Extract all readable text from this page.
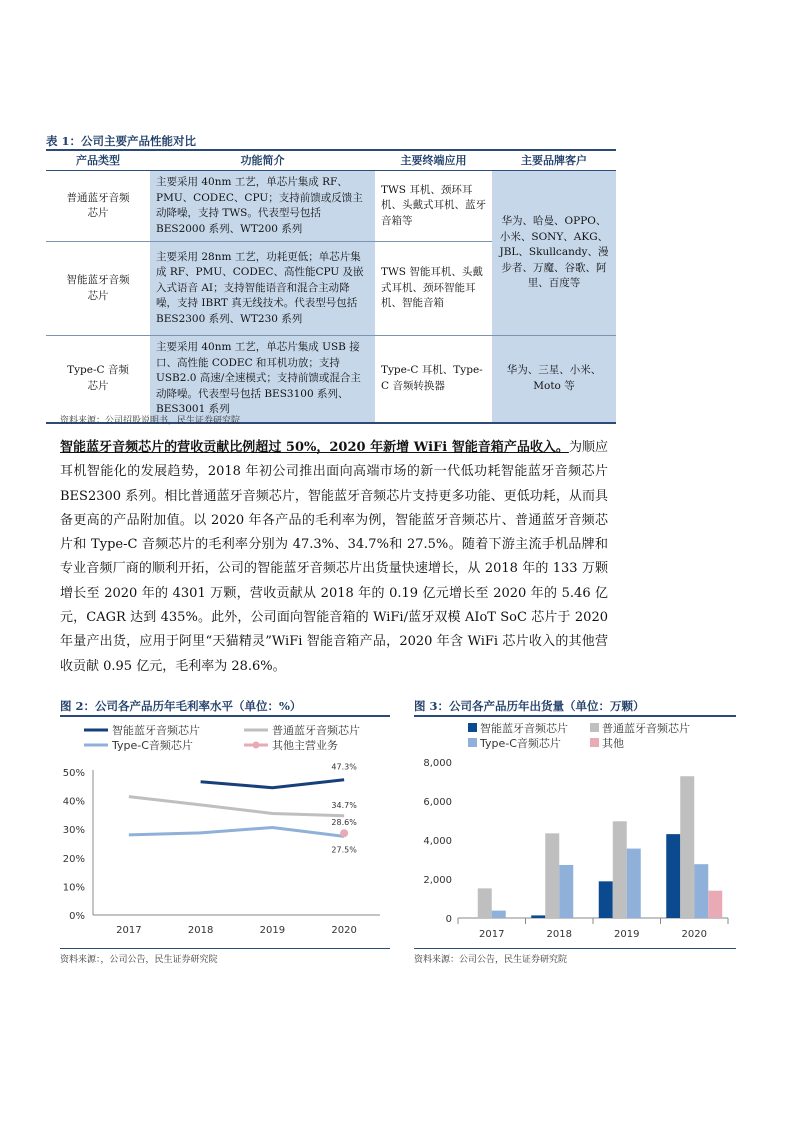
表 1：公司主要产品性能对比
产品类型	功能简介	主要终端应用	主要品牌客户
普通蓝牙音频芯片	主要采用 40nm 工艺，单芯片集成 RF、PMU、CODEC、CPU；支持前馈或反馈主动降噪，支持 TWS。代表型号包括 BES2000 系列、WT200 系列	TWS 耳机、颈环耳机、头戴式耳机、蓝牙音箱等	华为、哈曼、OPPO、小米、SONY、AKG、JBL、Skullcandy、漫步者、万魔、谷歌、阿里、百度等
智能蓝牙音频芯片	主要采用 28nm 工艺，功耗更低；单芯片集成 RF、PMU、CODEC、高性能CPU 及嵌入式语音 AI；支持智能语音和混合主动降噪，支持 IBRT 真无线技术。代表型号包括 BES2300 系列、WT230 系列	TWS 智能耳机、头戴式耳机、颈环智能耳机、智能音箱	
Type-C 音频芯片	主要采用 40nm 工艺，单芯片集成 USB 接口、高性能 CODEC 和耳机功放；支持 USB2.0 高速/全速模式；支持前馈或混合主动降噪。代表型号包括 BES3100 系列、BES3001 系列	Type-C 耳机、Type-C 音频转换器	华为、三星、小米、Moto 等
资料来源：公司招股说明书，民生证券研究院
智能蓝牙音频芯片的营收贡献比例超过 50%，2020 年新增 WiFi 智能音箱产品收入。为顺应耳机智能化的发展趋势，2018 年初公司推出面向高端市场的新一代低功耗智能蓝牙音频芯片 BES2300 系列。相比普通蓝牙音频芯片，智能蓝牙音频芯片支持更多功能、更低功耗，从而具备更高的产品附加值。以 2020 年各产品的毛利率为例，智能蓝牙音频芯片、普通蓝牙音频芯片和 Type-C 音频芯片的毛利率分别为 47.3%、34.7%和 27.5%。随着下游主流手机品牌和专业音频厂商的顺利开拓，公司的智能蓝牙音频芯片出货量快速增长，从 2018 年的 133 万颗增长至 2020 年的 4301 万颗，营收贡献从 2018 年的 0.19 亿元增长至 2020 年的 5.46 亿元，CAGR 达到 435%。此外，公司面向智能音箱的 WiFi/蓝牙双模 AIoT SoC 芯片于 2020 年量产出货，应用于阿里“天猫精灵”WiFi 智能音箱产品，2020 年含 WiFi 芯片收入的其他营收贡献 0.95 亿元，毛利率为 28.6%。
图 2：公司各产品历年毛利率水平（单位：%）
智能蓝牙音频芯片	普通蓝牙音频芯片
Type-C音频芯片	其他主营业务
0%
10%
20%
30%
40%
50%
2017	2018	2019	2020
47.3%
34.7%
28.6%
27.5%
资料来源：，公司公告，民生证券研究院
图 3：公司各产品历年出货量（单位：万颗）
智能蓝牙音频芯片	普通蓝牙音频芯片
Type-C音频芯片	其他
0
2,000
4,000
6,000
8,000
2017	2018	2019	2020
资料来源：公司公告，民生证券研究院
